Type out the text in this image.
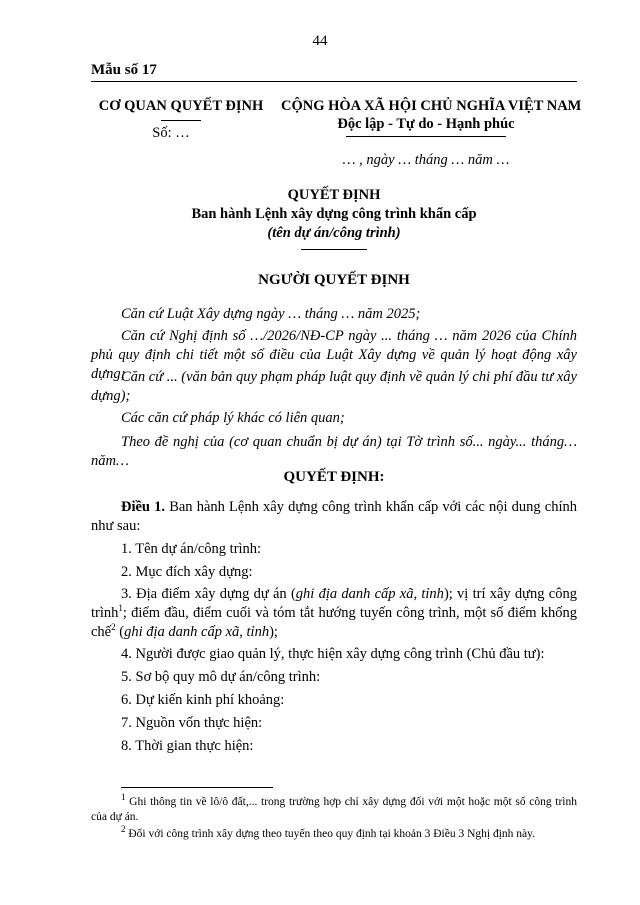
44
Mẫu số 17
CƠ QUAN QUYẾT ĐỊNH
Số: …
CỘNG HÒA XÃ HỘI CHỦ NGHĨA VIỆT NAM
Độc lập - Tự do - Hạnh phúc
… , ngày … tháng … năm …
QUYẾT ĐỊNH
Ban hành Lệnh xây dựng công trình khẩn cấp
(tên dự án/công trình)
NGƯỜI QUYẾT ĐỊNH
Căn cứ Luật Xây dựng ngày … tháng … năm 2025;
Căn cứ Nghị định số …/2026/NĐ-CP ngày ... tháng … năm 2026 của Chính phủ quy định chi tiết một số điều của Luật Xây dựng về quản lý hoạt động xây dựng;
Căn cứ ... (văn bản quy phạm pháp luật quy định về quản lý chi phí đầu tư xây dựng);
Các căn cứ pháp lý khác có liên quan;
Theo đề nghị của (cơ quan chuẩn bị dự án) tại Tờ trình số... ngày... tháng… năm…
QUYẾT ĐỊNH:
Điều 1. Ban hành Lệnh xây dựng công trình khẩn cấp với các nội dung chính như sau:
1. Tên dự án/công trình:
2. Mục đích xây dựng:
3. Địa điểm xây dựng dự án (ghi địa danh cấp xã, tỉnh); vị trí xây dựng công trình$^1$; điểm đầu, điểm cuối và tóm tắt hướng tuyến công trình, một số điểm khống chế$^2$ (ghi địa danh cấp xã, tỉnh);
4. Người được giao quản lý, thực hiện xây dựng công trình (Chủ đầu tư):
5. Sơ bộ quy mô dự án/công trình:
6. Dự kiến kinh phí khoảng:
7. Nguồn vốn thực hiện:
8. Thời gian thực hiện:
$^1$ Ghi thông tin về lô/ô đất,... trong trường hợp chỉ xây dựng đối với một hoặc một số công trình của dự án.
$^2$ Đối với công trình xây dựng theo tuyến theo quy định tại khoản 3 Điều 3 Nghị định này.
